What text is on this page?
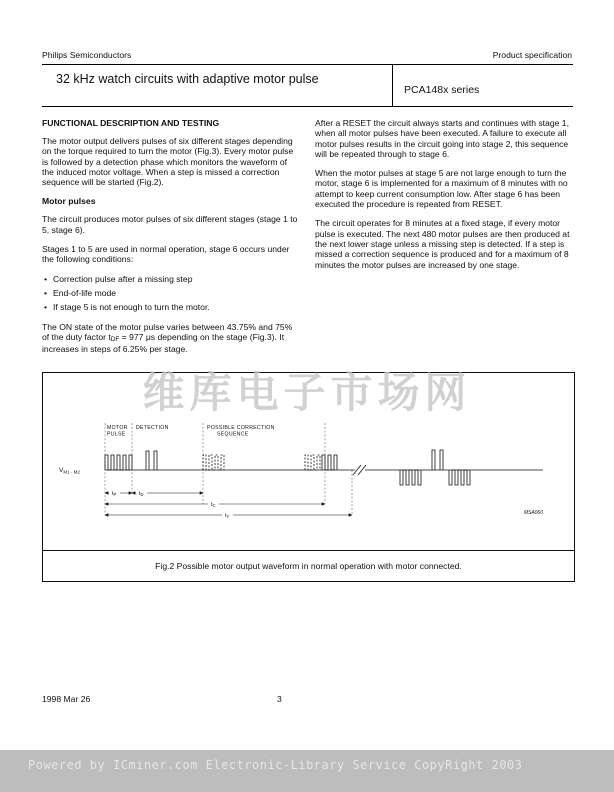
Philips Semiconductors	Product specification
32 kHz watch circuits with adaptive motor pulse
PCA148x series
FUNCTIONAL DESCRIPTION AND TESTING

The motor output delivers pulses of six different stages depending on the torque required to turn the motor (Fig.3). Every motor pulse is followed by a detection phase which monitors the waveform of the induced motor voltage. When a step is missed a correction sequence will be started (Fig.2).

Motor pulses

The circuit produces motor pulses of six different stages (stage 1 to 5, stage 6).

Stages 1 to 5 are used in normal operation, stage 6 occurs under the following conditions:

• Correction pulse after a missing step
• End-of-life mode
• If stage 5 is not enough to turn the motor.

The ON state of the motor pulse varies between 43.75% and 75% of the duty factor tDF = 977 μs depending on the stage (Fig.3). It increases in steps of 6.25% per stage.

After a RESET the circuit always starts and continues with stage 1, when all motor pulses have been executed. A failure to execute all motor pulses results in the circuit going into stage 2, this sequence will be repeated through to stage 6.

When the motor pulses at stage 5 are not large enough to turn the motor, stage 6 is implemented for a maximum of 8 minutes with no attempt to keep current consumption low. After stage 6 has been executed the procedure is repeated from RESET.

The circuit operates for 8 minutes at a fixed stage, if every motor pulse is executed. The next 480 motor pulses are then produced at the next lower stage unless a missing step is detected. If a step is missed a correction sequence is produced and for a maximum of 8 minutes the motor pulses are increased by one stage.

MOTOR
PULSE
DETECTION	POSSIBLE CORRECTION
SEQUENCE
$V_{M1 - M2}$
$t_P$	$t_D$
$t_C$
$t_Y$
MSA060
Fig.2 Possible motor output waveform in normal operation with motor connected.
1998 Mar 26	3
维库电子市场网
Powered by ICminer.com Electronic-Library Service CopyRight 2003
